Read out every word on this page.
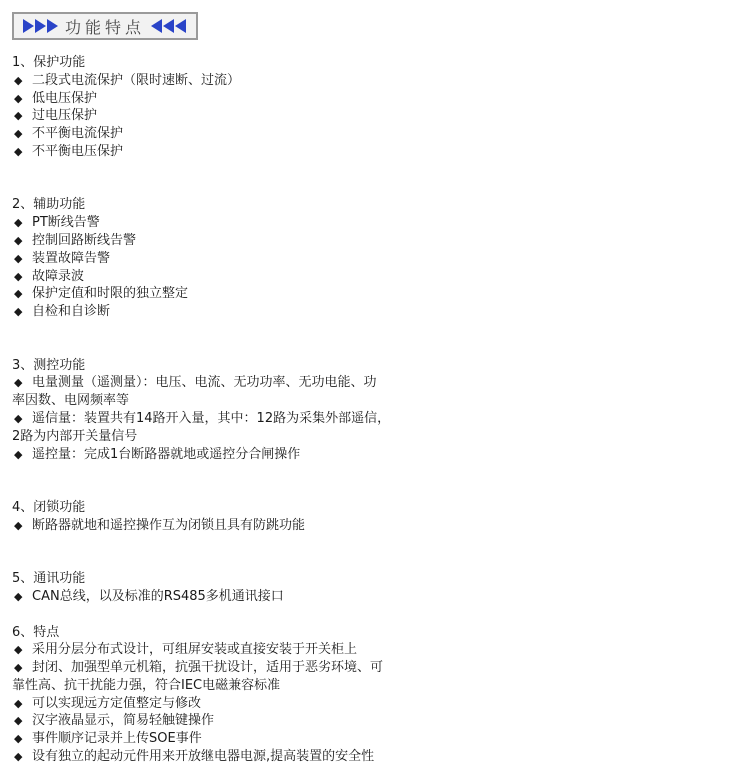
功能特点
1、保护功能
◆ 二段式电流保护（限时速断、过流）
◆ 低电压保护
◆ 过电压保护
◆ 不平衡电流保护
◆ 不平衡电压保护
2、辅助功能
◆ PT断线告警
◆ 控制回路断线告警
◆ 装置故障告警
◆ 故障录波
◆ 保护定值和时限的独立整定
◆ 自检和自诊断
3、测控功能
◆ 电量测量（遥测量）：电压、电流、无功功率、无功电能、功
率因数、电网频率等
◆ 遥信量：装置共有14路开入量，其中：12路为采集外部遥信，
2路为内部开关量信号
◆ 遥控量：完成1台断路器就地或遥控分合闸操作
4、闭锁功能
◆ 断路器就地和遥控操作互为闭锁且具有防跳功能
5、通讯功能
◆ CAN总线，以及标准的RS485多机通讯接口
6、特点
◆ 采用分层分布式设计，可组屏安装或直接安装于开关柜上
◆ 封闭、加强型单元机箱，抗强干扰设计，适用于恶劣环境、可
靠性高、抗干扰能力强，符合IEC电磁兼容标准
◆ 可以实现远方定值整定与修改
◆ 汉字液晶显示，简易轻触键操作
◆ 事件顺序记录并上传SOE事件
◆ 设有独立的起动元件用来开放继电器电源,提高装置的安全性
